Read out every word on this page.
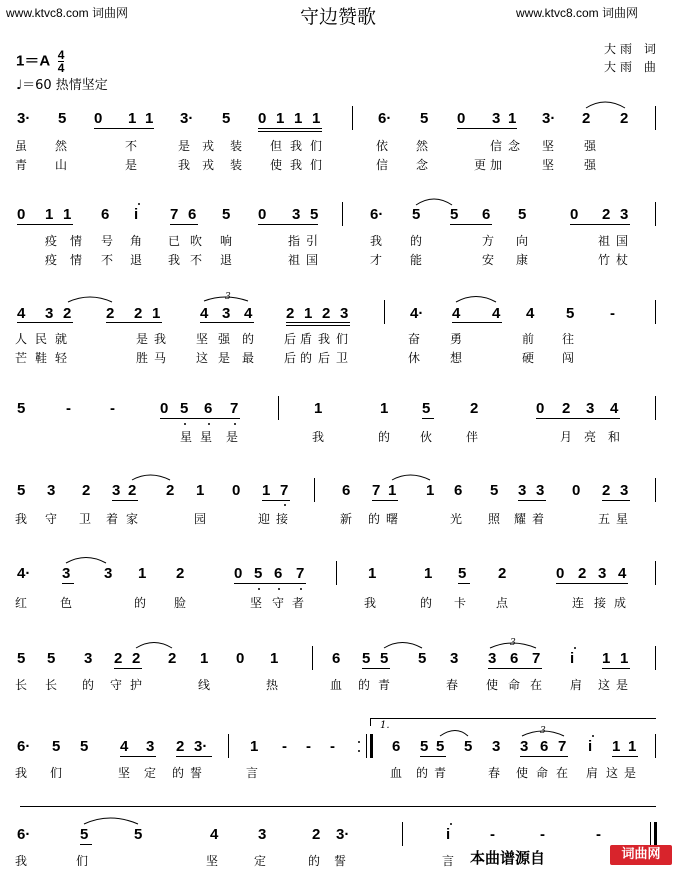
www.ktvc8.com 词曲网	www.ktvc8.com 词曲网
守边赞歌
大雨 词
大雨 曲
$1=A \frac{4}{4}$
♩＝60 热情坚定
3· 5 0 1 1 3· 5 0 1 1 1	6· 5 0 3 1 3· 2 2
虽 然	不	是 戎 装 但 我 们	依 然	信 念 坚 强
青 山	是	我 戎 装 使 我 们	信 念	更 加	坚 强
0 1 1 6 i 7 6 5 0 3 5	6· 5 5 6 5	0 2 3
疫 情 号 角 已 吹 响	指 引	我 的	方 向	祖 国
疫 情 不 退 我 不 退	祖 国	才 能	安 康	竹 杖
4 3 2 2 2 1	4 3 4 2 1 2 3	4· 4 4 4 5 -
人 民 就	是 我 坚 强 的 后 盾 我 们	奋 勇	前 往
芒 鞋 轻	胜 马 这 是 最 后 的 后 卫	休 想	硬 闯
5	-	-	0 5 6 7	1	1 5	2	0 2 3 4
星 星 是	我	的 伙	伴	月 亮 和
5 3 2 3 2 2 1 0 1 7	6 7 1 1 6 5 3 3 0 2 3
我 守 卫 着 家	园	迎 接	新 的 曙	光 照 耀 着	五 星
4· 3 3 1 2	0 5 6 7	1	1 5 2	0 2 3 4
红	色	的 脸	坚 守 者	我	的 卡 点	连 接 成
5 5 3 2 2 2 1 0 1	6 5 5 5 3 3 6 7 i 1 1
长 长 的 守 护	线	热	血 的 青	春 使 命 在 肩 这 是
1.
6· 5 5 4 3 2 3·	1 - - -	6 5 5 5 3 3 6 7 i 1 1
我 们	坚 定 的 誓	言	血 的 青	春 使 命 在 肩 这 是
6·	5	5	4	3	2 3·	i	-	-	-
我	们	坚	定	的 誓	言
3
3
3
本曲谱源自	词曲网
